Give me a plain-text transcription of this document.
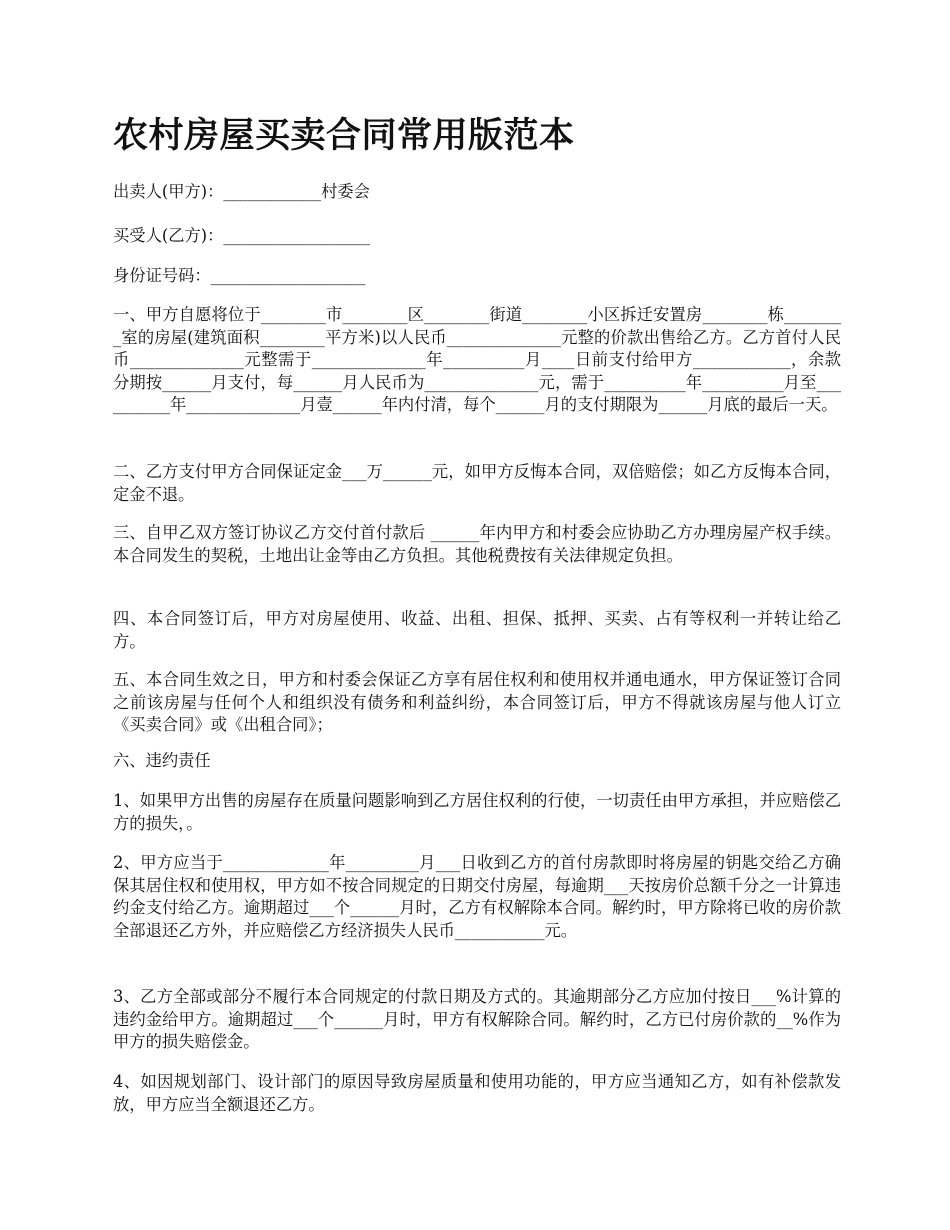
农村房屋买卖合同常用版范本

出卖人(甲方)：____________村委会

买受人(乙方)：__________________

身份证号码：___________________

一、甲方自愿将位于________市________区________街道________小区拆迁安置房________栋________室的房屋(建筑面积________平方米)以人民币______________元整的价款出售给乙方。乙方首付人民币______________元整需于______________年__________月____日前支付给甲方____________，余款分期按______月支付，每______月人民币为______________元，需于__________年__________月至__________年______________月壹______年内付清，每个______月的支付期限为______月底的最后一天。

二、乙方支付甲方合同保证定金___万______元，如甲方反悔本合同，双倍赔偿；如乙方反悔本合同，定金不退。

三、自甲乙双方签订协议乙方交付首付款后 ______年内甲方和村委会应协助乙方办理房屋产权手续。本合同发生的契税，土地出让金等由乙方负担。其他税费按有关法律规定负担。

四、本合同签订后，甲方对房屋使用、收益、出租、担保、抵押、买卖、占有等权利一并转让给乙方。

五、本合同生效之日，甲方和村委会保证乙方享有居住权利和使用权并通电通水，甲方保证签订合同之前该房屋与任何个人和组织没有债务和利益纠纷，本合同签订后，甲方不得就该房屋与他人订立《买卖合同》或《出租合同》；

六、违约责任

1、如果甲方出售的房屋存在质量问题影响到乙方居住权利的行使，一切责任由甲方承担，并应赔偿乙方的损失，。

2、甲方应当于_____________年_________月___日收到乙方的首付房款即时将房屋的钥匙交给乙方确保其居住权和使用权，甲方如不按合同规定的日期交付房屋，每逾期___天按房价总额千分之一计算违约金支付给乙方。逾期超过___个______月时，乙方有权解除本合同。解约时，甲方除将已收的房价款全部退还乙方外，并应赔偿乙方经济损失人民币___________元。

3、乙方全部或部分不履行本合同规定的付款日期及方式的。其逾期部分乙方应加付按日___%计算的违约金给甲方。逾期超过___个______月时，甲方有权解除合同。解约时，乙方已付房价款的__%作为甲方的损失赔偿金。

4、如因规划部门、设计部门的原因导致房屋质量和使用功能的，甲方应当通知乙方，如有补偿款发放，甲方应当全额退还乙方。
